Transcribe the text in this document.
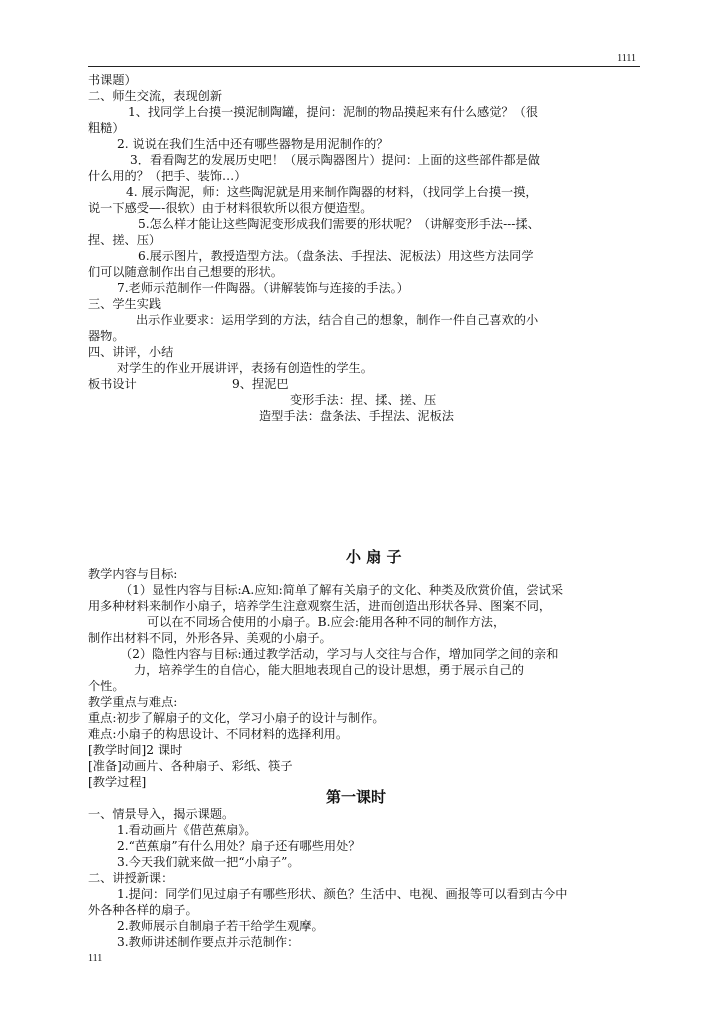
1111
书课题）
二、师生交流，表现创新
1、找同学上台摸一摸泥制陶罐，提问：泥制的物品摸起来有什么感觉？（很
粗糙）
2. 说说在我们生活中还有哪些器物是用泥制作的？
3．看看陶艺的发展历史吧！（展示陶器图片）提问：上面的这些部件都是做
什么用的？（把手、装饰…）
4. 展示陶泥，师：这些陶泥就是用来制作陶器的材料，（找同学上台摸一摸，
说一下感受—-很软）由于材料很软所以很方便造型。
5.怎么样才能让这些陶泥变形成我们需要的形状呢？（讲解变形手法---揉、
捏、搓、压）
6.展示图片，教授造型方法。（盘条法、手捏法、泥板法）用这些方法同学
们可以随意制作出自己想要的形状。
7.老师示范制作一件陶器。（讲解装饰与连接的手法。）
三、学生实践
出示作业要求：运用学到的方法，结合自己的想象，制作一件自己喜欢的小
器物。
四、讲评，小结
对学生的作业开展讲评，表扬有创造性的学生。
板书设计	9、捏泥巴
变形手法：捏、揉、搓、压
造型手法：盘条法、手捏法、泥板法
小 扇 子
教学内容与目标:
（1）显性内容与目标:A.应知:简单了解有关扇子的文化、种类及欣赏价值，尝试采
用多种材料来制作小扇子，培养学生注意观察生活，进而创造出形状各异、图案不同，
可以在不同场合使用的小扇子。B.应会:能用各种不同的制作方法，
制作出材料不同，外形各异、美观的小扇子。
（2）隐性内容与目标:通过教学活动，学习与人交往与合作，增加同学之间的亲和
力，培养学生的自信心，能大胆地表现自己的设计思想，勇于展示自己的
个性。
教学重点与难点:
重点:初步了解扇子的文化，学习小扇子的设计与制作。
难点:小扇子的构思设计、不同材料的选择利用。
[教学时间]2 课时
[准备]动画片、各种扇子、彩纸、筷子
[教学过程]
第一课时
一、情景导入，揭示课题。
1.看动画片《借芭蕉扇》。
2.“芭蕉扇”有什么用处？扇子还有哪些用处？
3.今天我们就来做一把“小扇子”。
二、讲授新课：
1.提问：同学们见过扇子有哪些形状、颜色？生活中、电视、画报等可以看到古今中
外各种各样的扇子。
2.教师展示自制扇子若干给学生观摩。
3.教师讲述制作要点并示范制作：
111
